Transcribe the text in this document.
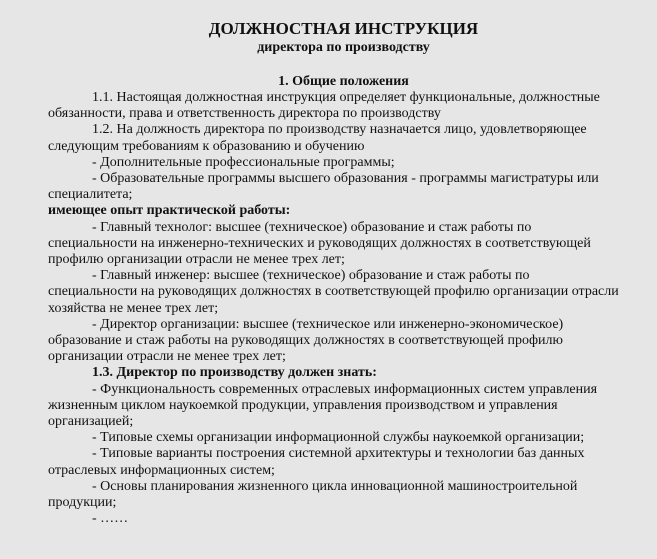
ДОЛЖНОСТНАЯ ИНСТРУКЦИЯ
директора по производству
1. Общие положения

1.1. Настоящая должностная инструкция определяет функциональные, должностные обязанности, права и ответственность директора по производству

1.2. На должность директора по производству назначается лицо, удовлетворяющее следующим требованиям к образованию и обучению

- Дополнительные профессиональные программы;

- Образовательные программы высшего образования - программы магистратуры или специалитета;

имеющее опыт практической работы:

- Главный технолог: высшее (техническое) образование и стаж работы по специальности на инженерно-технических и руководящих должностях в соответствующей профилю организации отрасли не менее трех лет;

- Главный инженер: высшее (техническое) образование и стаж работы по специальности на руководящих должностях в соответствующей профилю организации отрасли хозяйства не менее трех лет;

- Директор организации: высшее (техническое или инженерно-экономическое) образование и стаж работы на руководящих должностях в соответствующей профилю организации отрасли не менее трех лет;

1.3. Директор по производству должен знать:

- Функциональность современных отраслевых информационных систем управления жизненным циклом наукоемкой продукции, управления производством и управления организацией;

- Типовые схемы организации информационной службы наукоемкой организации;

- Типовые варианты построения системной архитектуры и технологии баз данных отраслевых информационных систем;

- Основы планирования жизненного цикла инновационной машиностроительной продукции;

- ……
